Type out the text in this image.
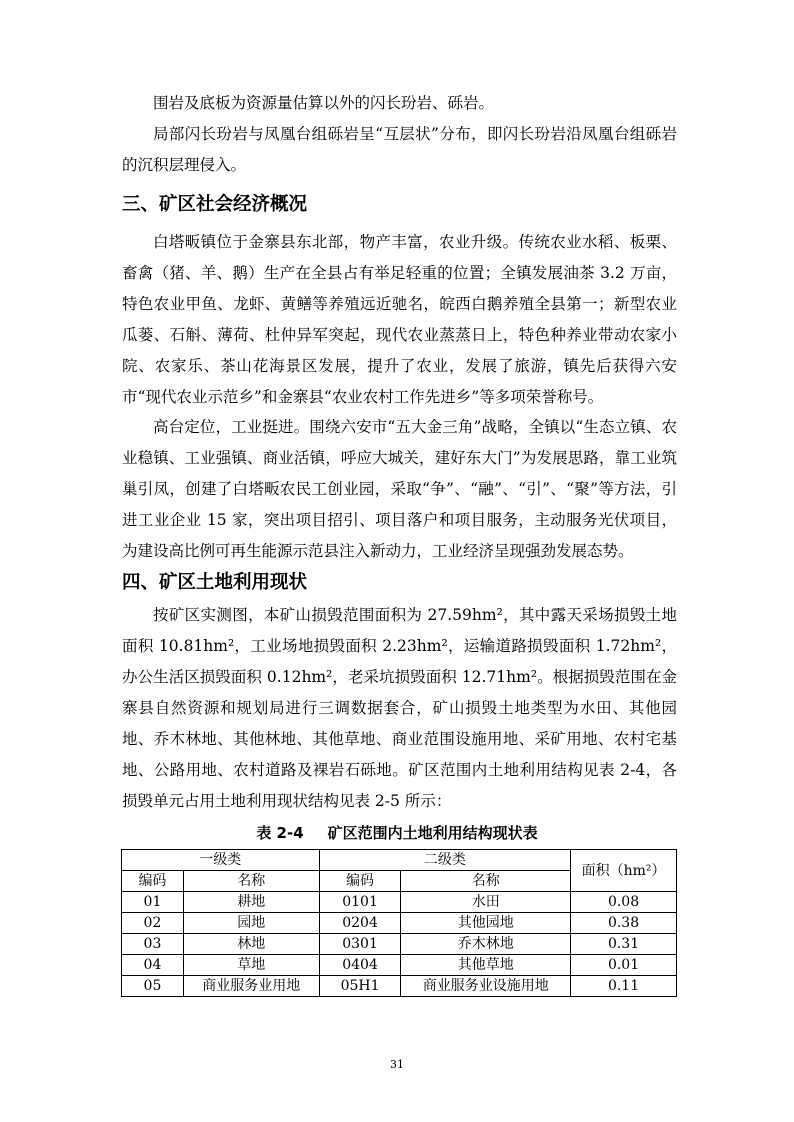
围岩及底板为资源量估算以外的闪长玢岩、砾岩。

局部闪长玢岩与凤凰台组砾岩呈“互层状”分布，即闪长玢岩沿凤凰台组砾岩的沉积层理侵入。

三、矿区社会经济概况

白塔畈镇位于金寨县东北部，物产丰富，农业升级。传统农业水稻、板栗、畜禽（猪、羊、鹅）生产在全县占有举足轻重的位置；全镇发展油茶 3.2 万亩，特色农业甲鱼、龙虾、黄鳝等养殖远近驰名，皖西白鹅养殖全县第一；新型农业瓜蒌、石斛、薄荷、杜仲异军突起，现代农业蒸蒸日上，特色种养业带动农家小院、农家乐、茶山花海景区发展，提升了农业，发展了旅游，镇先后获得六安市“现代农业示范乡”和金寨县“农业农村工作先进乡”等多项荣誉称号。

高台定位，工业挺进。围绕六安市“五大金三角”战略，全镇以“生态立镇、农业稳镇、工业强镇、商业活镇，呼应大城关，建好东大门”为发展思路，靠工业筑巢引凤，创建了白塔畈农民工创业园，采取“争”、“融”、“引”、“聚”等方法，引进工业企业 15 家，突出项目招引、项目落户和项目服务，主动服务光伏项目，为建设高比例可再生能源示范县注入新动力，工业经济呈现强劲发展态势。

四、矿区土地利用现状

按矿区实测图，本矿山损毁范围面积为 27.59hm²，其中露天采场损毁土地面积 10.81hm²，工业场地损毁面积 2.23hm²，运输道路损毁面积 1.72hm²，办公生活区损毁面积 0.12hm²，老采坑损毁面积 12.71hm²。根据损毁范围在金寨县自然资源和规划局进行三调数据套合，矿山损毁土地类型为水田、其他园地、乔木林地、其他林地、其他草地、商业范围设施用地、采矿用地、农村宅基地、公路用地、农村道路及裸岩石砾地。矿区范围内土地利用结构见表 2-4，各损毁单元占用土地利用现状结构见表 2-5 所示：

表 2-4 矿区范围内土地利用结构现状表

一级类		二级类		面积（hm²）
编码	名称	编码	名称	
01	耕地	0101	水田	0.08
02	园地	0204	其他园地	0.38
03	林地	0301	乔木林地	0.31
04	草地	0404	其他草地	0.01
05	商业服务业用地	05H1	商业服务业设施用地	0.11
31
